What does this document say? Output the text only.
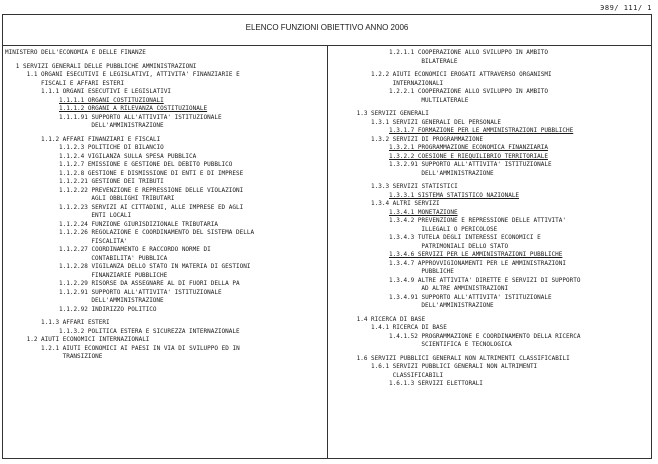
Э89/ 111/ 1
ELENCO FUNZIONI OBIETTIVO ANNO 2006
MINISTERO DELL'ECONOMIA E DELLE FINANZE
1 SERVIZI GENERALI DELLE PUBBLICHE AMMINISTRAZIONI
1.1 ORGANI ESECUTIVI E LEGISLATIVI, ATTIVITA' FINANZIARIE E
FISCALI E AFFARI ESTERI
1.1.1 ORGANI ESECUTIVI E LEGISLATIVI
1.1.1.1 ORGANI COSTITUZIONALI
1.1.1.2 ORGANI A RILEVANZA COSTITUZIONALE
1.1.1.91 SUPPORTO ALL'ATTIVITA' ISTITUZIONALE
DELL'AMMINISTRAZIONE
1.1.2 AFFARI FINANZIARI E FISCALI
1.1.2.3 POLITICHE DI BILANCIO
1.1.2.4 VIGILANZA SULLA SPESA PUBBLICA
1.1.2.7 EMISSIONE E GESTIONE DEL DEBITO PUBBLICO
1.1.2.8 GESTIONE E DISMISSIONE DI ENTI E DI IMPRESE
1.1.2.21 GESTIONE DEI TRIBUTI
1.1.2.22 PREVENZIONE E REPRESSIONE DELLE VIOLAZIONI
AGLI OBBLIGHI TRIBUTARI
1.1.2.23 SERVIZI AI CITTADINI, ALLE IMPRESE ED AGLI
ENTI LOCALI
1.1.2.24 FUNZIONE GIURISDIZIONALE TRIBUTARIA
1.1.2.26 REGOLAZIONE E COORDINAMENTO DEL SISTEMA DELLA
FISCALITA'
1.1.2.27 COORDINAMENTO E RACCORDO NORME DI
CONTABILITA' PUBBLICA
1.1.2.28 VIGILANZA DELLO STATO IN MATERIA DI GESTIONI
FINANZIARIE PUBBLICHE
1.1.2.29 RISORSE DA ASSEGNARE AL DI FUORI DELLA PA
1.1.2.91 SUPPORTO ALL'ATTIVITA' ISTITUZIONALE
DELL'AMMINISTRAZIONE
1.1.2.92 INDIRIZZO POLITICO
1.1.3 AFFARI ESTERI
1.1.3.2 POLITICA ESTERA E SICUREZZA INTERNAZIONALE
1.2 AIUTI ECONOMICI INTERNAZIONALI
1.2.1 AIUTI ECONOMICI AI PAESI IN VIA DI SVILUPPO ED IN
TRANSIZIONE
1.2.1.1 COOPERAZIONE ALLO SVILUPPO IN AMBITO
BILATERALE
1.2.2 AIUTI ECONOMICI EROGATI ATTRAVERSO ORGANISMI
INTERNAZIONALI
1.2.2.1 COOPERAZIONE ALLO SVILUPPO IN AMBITO
MULTILATERALE
1.3 SERVIZI GENERALI
1.3.1 SERVIZI GENERALI DEL PERSONALE
1.3.1.7 FORMAZIONE PER LE AMMINISTRAZIONI PUBBLICHE
1.3.2 SERVIZI DI PROGRAMMAZIONE
1.3.2.1 PROGRAMMAZIONE ECONOMICA FINANZIARIA
1.3.2.2 COESIONE E RIEQUILIBRIO TERRITORIALE
1.3.2.91 SUPPORTO ALL'ATTIVITA' ISTITUZIONALE
DELL'AMMINISTRAZIONE
1.3.3 SERVIZI STATISTICI
1.3.3.1 SISTEMA STATISTICO NAZIONALE
1.3.4 ALTRI SERVIZI
1.3.4.1 MONETAZIONE
1.3.4.2 PREVENZIONE E REPRESSIONE DELLE ATTIVITA'
ILLEGALI O PERICOLOSE
1.3.4.3 TUTELA DEGLI INTERESSI ECONOMICI E
PATRIMONIALI DELLO STATO
1.3.4.6 SERVIZI PER LE AMMINISTRAZIONI PUBBLICHE
1.3.4.7 APPROVVIGIONAMENTI PER LE AMMINISTRAZIONI
PUBBLICHE
1.3.4.9 ALTRE ATTIVITA' DIRETTE E SERVIZI DI SUPPORTO
AD ALTRE AMMINISTRAZIONI
1.3.4.91 SUPPORTO ALL'ATTIVITA' ISTITUZIONALE
DELL'AMMINISTRAZIONE
1.4 RICERCA DI BASE
1.4.1 RICERCA DI BASE
1.4.1.52 PROGRAMMAZIONE E COORDINAMENTO DELLA RICERCA
SCIENTIFICA E TECNOLOGICA
1.6 SERVIZI PUBBLICI GENERALI NON ALTRIMENTI CLASSIFICABILI
1.6.1 SERVIZI PUBBLICI GENERALI NON ALTRIMENTI
CLASSIFICABILI
1.6.1.3 SERVIZI ELETTORALI
